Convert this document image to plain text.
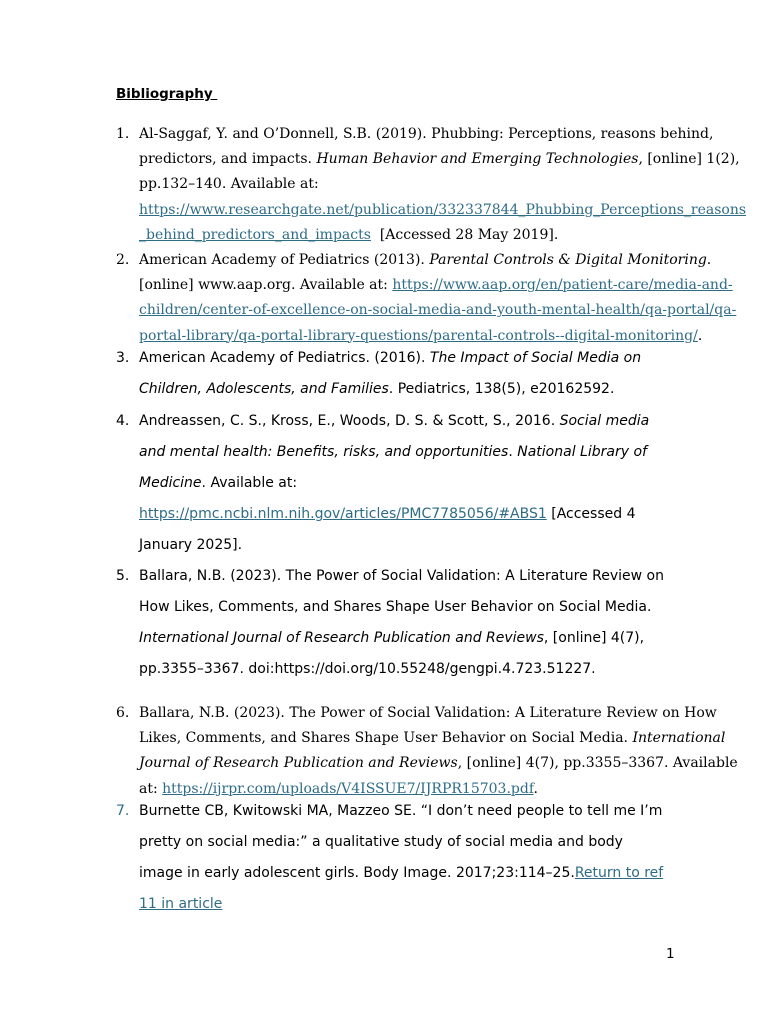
Bibliography
1. Al-Saggaf, Y. and O’Donnell, S.B. (2019). Phubbing: Perceptions, reasons behind,
predictors, and impacts. Human Behavior and Emerging Technologies, [online] 1(2),
pp.132–140. Available at:
https://www.researchgate.net/publication/332337844_Phubbing_Perceptions_reasons
_behind_predictors_and_impacts  [Accessed 28 May 2019].
2. American Academy of Pediatrics (2013). Parental Controls & Digital Monitoring.
[online] www.aap.org. Available at: https://www.aap.org/en/patient-care/media-and-
children/center-of-excellence-on-social-media-and-youth-mental-health/qa-portal/qa-
portal-library/qa-portal-library-questions/parental-controls--digital-monitoring/.
3. American Academy of Pediatrics. (2016). The Impact of Social Media on
Children, Adolescents, and Families. Pediatrics, 138(5), e20162592.
4. Andreassen, C. S., Kross, E., Woods, D. S. & Scott, S., 2016. Social media
and mental health: Benefits, risks, and opportunities. National Library of
Medicine. Available at:
https://pmc.ncbi.nlm.nih.gov/articles/PMC7785056/#ABS1 [Accessed 4
January 2025].
5. Ballara, N.B. (2023). The Power of Social Validation: A Literature Review on
How Likes, Comments, and Shares Shape User Behavior on Social Media.
International Journal of Research Publication and Reviews, [online] 4(7),
pp.3355–3367. doi:https://doi.org/10.55248/gengpi.4.723.51227.
6. Ballara, N.B. (2023). The Power of Social Validation: A Literature Review on How
Likes, Comments, and Shares Shape User Behavior on Social Media. International
Journal of Research Publication and Reviews, [online] 4(7), pp.3355–3367. Available
at: https://ijrpr.com/uploads/V4ISSUE7/IJRPR15703.pdf.
7. Burnette CB, Kwitowski MA, Mazzeo SE. “I don’t need people to tell me I’m
pretty on social media:” a qualitative study of social media and body
image in early adolescent girls. Body Image. 2017;23:114–25.Return to ref
11 in article
1
